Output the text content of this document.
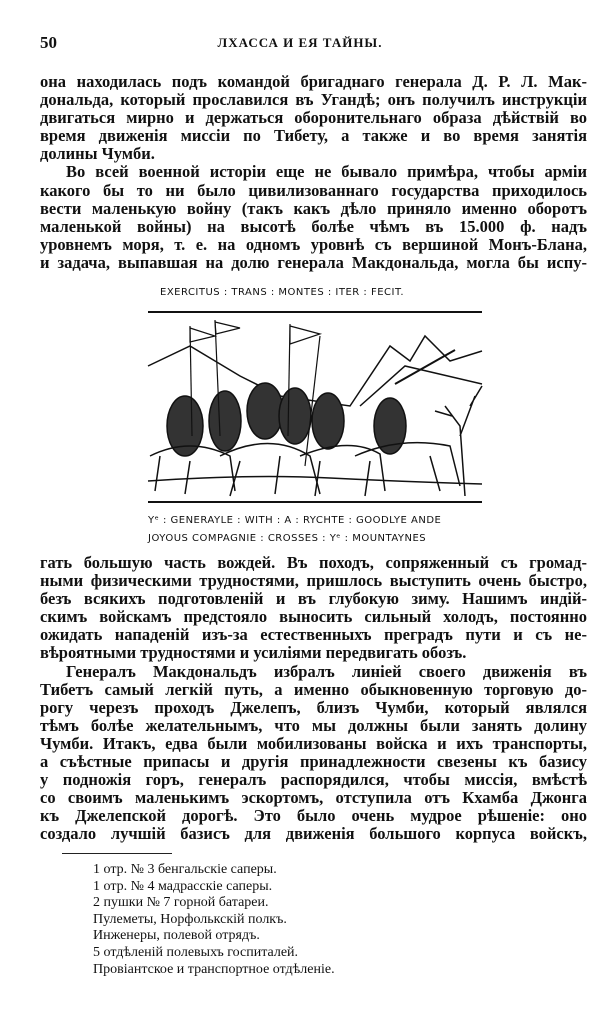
50	ЛХАССА И ЕЯ ТАЙНЫ.
она находилась подъ командой бригаднаго генерала Д. Р. Л. Мак-
дональда, который прославился въ Угандѣ; онъ получилъ инструкціи
двигаться мирно и держаться оборонительнаго образа дѣйствій во
время движенія миссіи по Тибету, а также и во время занятія
долины Чумби.
Во всей военной исторіи еще не бывало примѣра, чтобы арміи
какого бы то ни было цивилизованнаго государства приходилось
вести маленькую войну (такъ какъ дѣло приняло именно оборотъ
маленькой войны) на высотѣ болѣе чѣмъ въ 15.000 ф. надъ
уровнемъ моря, т. е. на одномъ уровнѣ съ вершиной Монъ-Блана,
и задача, выпавшая на долю генерала Макдональда, могла бы испу-
EXERCITUS : TRANS : MONTES : ITER : FECIT.
Yᵉ : GENERAYLE : WITH : A : RYCHTE : GOODLYE ANDE
JOYOUS COMPAGNIE : CROSSES : Yᵉ : MOUNTAYNES
гать большую часть вождей. Въ походъ, сопряженный съ громад-
ными физическими трудностями, пришлось выступить очень быстро,
безъ всякихъ подготовленій и въ глубокую зиму. Нашимъ индій-
скимъ войскамъ предстояло выносить сильный холодъ, постоянно
ожидать нападеній изъ-за естественныхъ преградъ пути и съ не-
вѣроятными трудностями и усиліями передвигать обозъ.
Генералъ Макдональдъ избралъ линіей своего движенія въ
Тибетъ самый легкій путь, а именно обыкновенную торговую до-
рогу черезъ проходъ Джелепъ, близъ Чумби, который являлся
тѣмъ болѣе желательнымъ, что мы должны были занять долину
Чумби. Итакъ, едва были мобилизованы войска и ихъ транспорты,
а съѣстные припасы и другія принадлежности свезены къ базису
у подножія горъ, генералъ распорядился, чтобы миссія, вмѣстѣ
со своимъ маленькимъ эскортомъ, отступила отъ Кхамба Джонга
къ Джелепской дорогѣ. Это было очень мудрое рѣшеніе: оно
создало лучшій базисъ для движенія большого корпуса войскъ,
1 отр. № 3 бенгальскіе саперы.
1 отр. № 4 мадрасскіе саперы.
2 пушки № 7 горной батареи.
Пулеметы, Норфолькскій полкъ.
Инженеры, полевой отрядъ.
5 отдѣленій полевыхъ госпиталей.
Провіантское и транспортное отдѣленіе.
